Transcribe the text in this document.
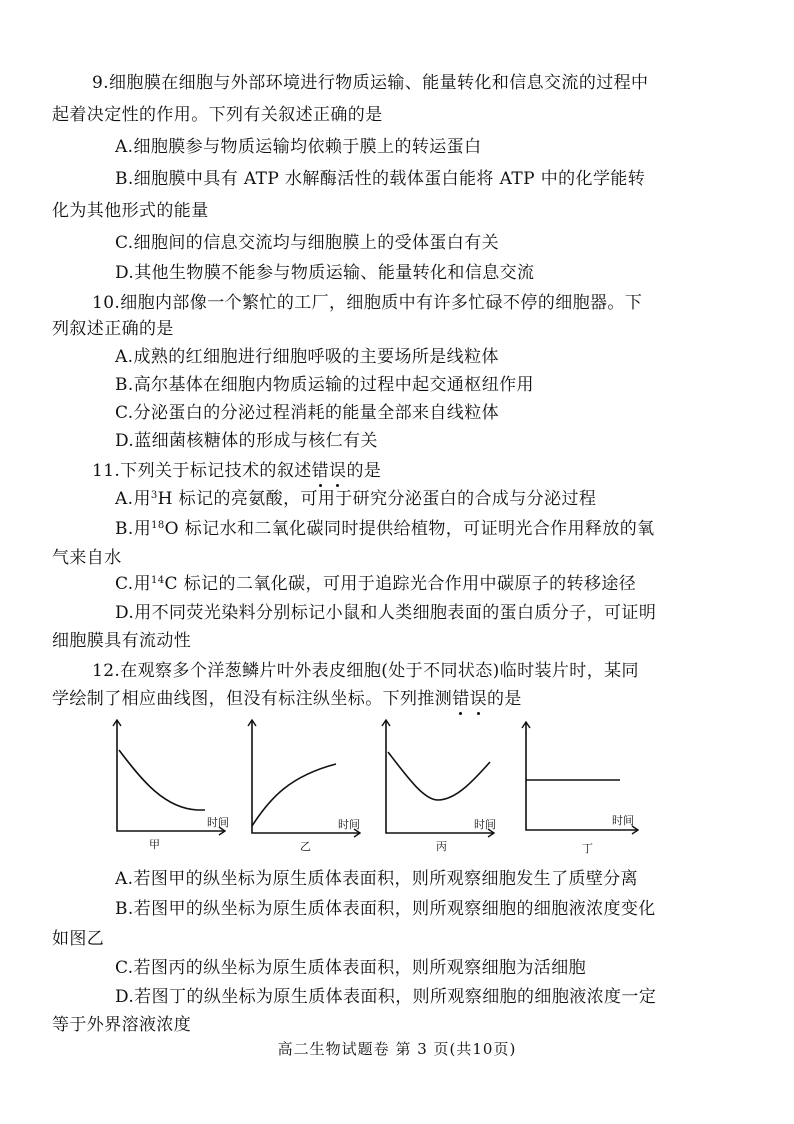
9.细胞膜在细胞与外部环境进行物质运输、能量转化和信息交流的过程中
起着决定性的作用。下列有关叙述正确的是
A.细胞膜参与物质运输均依赖于膜上的转运蛋白
B.细胞膜中具有 ATP 水解酶活性的载体蛋白能将 ATP 中的化学能转
化为其他形式的能量
C.细胞间的信息交流均与细胞膜上的受体蛋白有关
D.其他生物膜不能参与物质运输、能量转化和信息交流
10.细胞内部像一个繁忙的工厂，细胞质中有许多忙碌不停的细胞器。下
列叙述正确的是
A.成熟的红细胞进行细胞呼吸的主要场所是线粒体
B.高尔基体在细胞内物质运输的过程中起交通枢纽作用
C.分泌蛋白的分泌过程消耗的能量全部来自线粒体
D.蓝细菌核糖体的形成与核仁有关
11.下列关于标记技术的叙述错误的是
A.用$^3$H 标记的亮氨酸，可用于研究分泌蛋白的合成与分泌过程
B.用$^{18}$O 标记水和二氧化碳同时提供给植物，可证明光合作用释放的氧
气来自水
C.用$^{14}$C 标记的二氧化碳，可用于追踪光合作用中碳原子的转移途径
D.用不同荧光染料分别标记小鼠和人类细胞表面的蛋白质分子，可证明
细胞膜具有流动性
12.在观察多个洋葱鳞片叶外表皮细胞(处于不同状态)临时装片时，某同
学绘制了相应曲线图，但没有标注纵坐标。下列推测错误的是
时间
甲
时间
乙
时间
丙
时间
丁
A.若图甲的纵坐标为原生质体表面积，则所观察细胞发生了质壁分离
B.若图甲的纵坐标为原生质体表面积，则所观察细胞的细胞液浓度变化
如图乙
C.若图丙的纵坐标为原生质体表面积，则所观察细胞为活细胞
D.若图丁的纵坐标为原生质体表面积，则所观察细胞的细胞液浓度一定
等于外界溶液浓度
高二生物试题卷 第 3 页(共10页)
